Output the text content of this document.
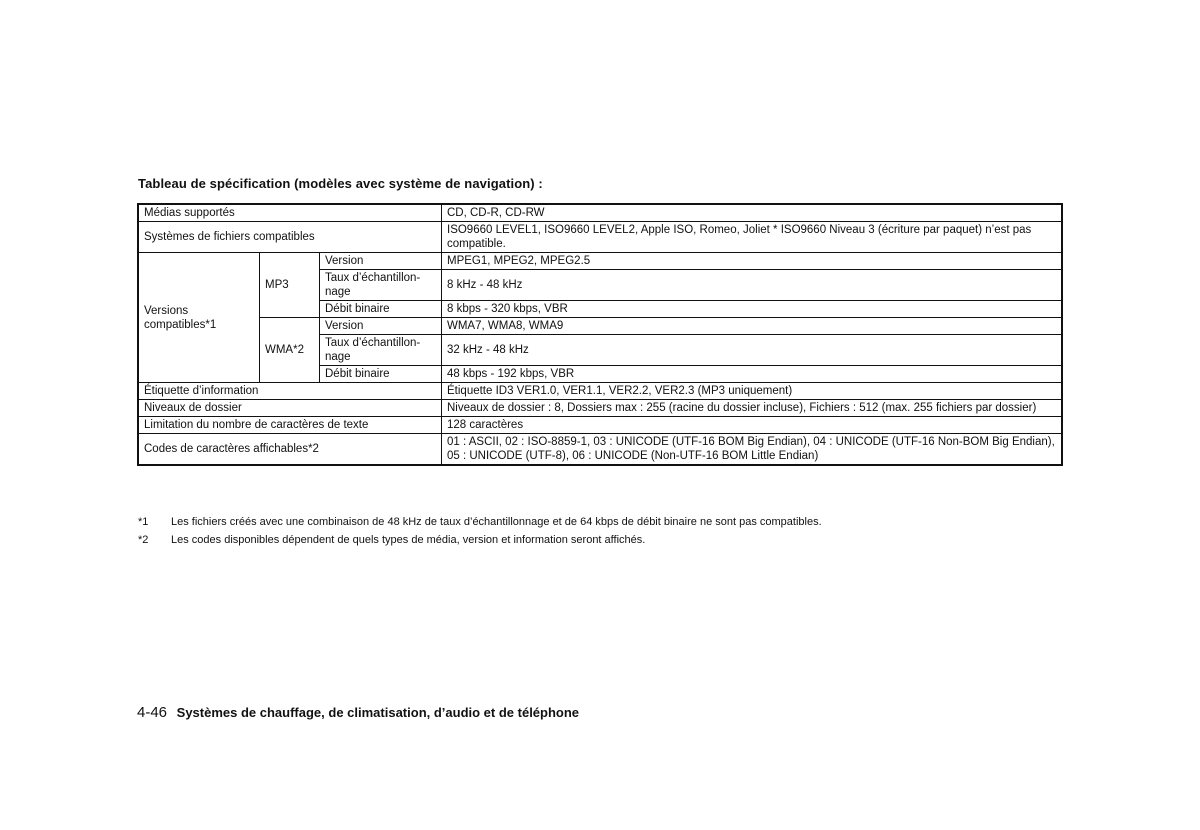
Tableau de spécification (modèles avec système de navigation) :
Médias supportés			CD, CD-R, CD-RW
Systèmes de fichiers compatibles			ISO9660 LEVEL1, ISO9660 LEVEL2, Apple ISO, Romeo, Joliet * ISO9660 Niveau 3 (écriture par paquet) n’est pas compatible.
Versions compatibles*1	MP3	Version	MPEG1, MPEG2, MPEG2.5
		Taux d’échantillon-nage	8 kHz - 48 kHz
		Débit binaire	8 kbps - 320 kbps, VBR
	WMA*2	Version	WMA7, WMA8, WMA9
		Taux d’échantillon-nage	32 kHz - 48 kHz
		Débit binaire	48 kbps - 192 kbps, VBR
Étiquette d’information			Étiquette ID3 VER1.0, VER1.1, VER2.2, VER2.3 (MP3 uniquement)
Niveaux de dossier			Niveaux de dossier : 8, Dossiers max : 255 (racine du dossier incluse), Fichiers : 512 (max. 255 fichiers par dossier)
Limitation du nombre de caractères de texte			128 caractères
Codes de caractères affichables*2			01 : ASCII, 02 : ISO-8859-1, 03 : UNICODE (UTF-16 BOM Big Endian), 04 : UNICODE (UTF-16 Non-BOM Big Endian), 05 : UNICODE (UTF-8), 06 : UNICODE (Non-UTF-16 BOM Little Endian)
*1	Les fichiers créés avec une combinaison de 48 kHz de taux d’échantillonnage et de 64 kbps de débit binaire ne sont pas compatibles.
*2	Les codes disponibles dépendent de quels types de média, version et information seront affichés.
4-46 Systèmes de chauffage, de climatisation, d’audio et de téléphone
